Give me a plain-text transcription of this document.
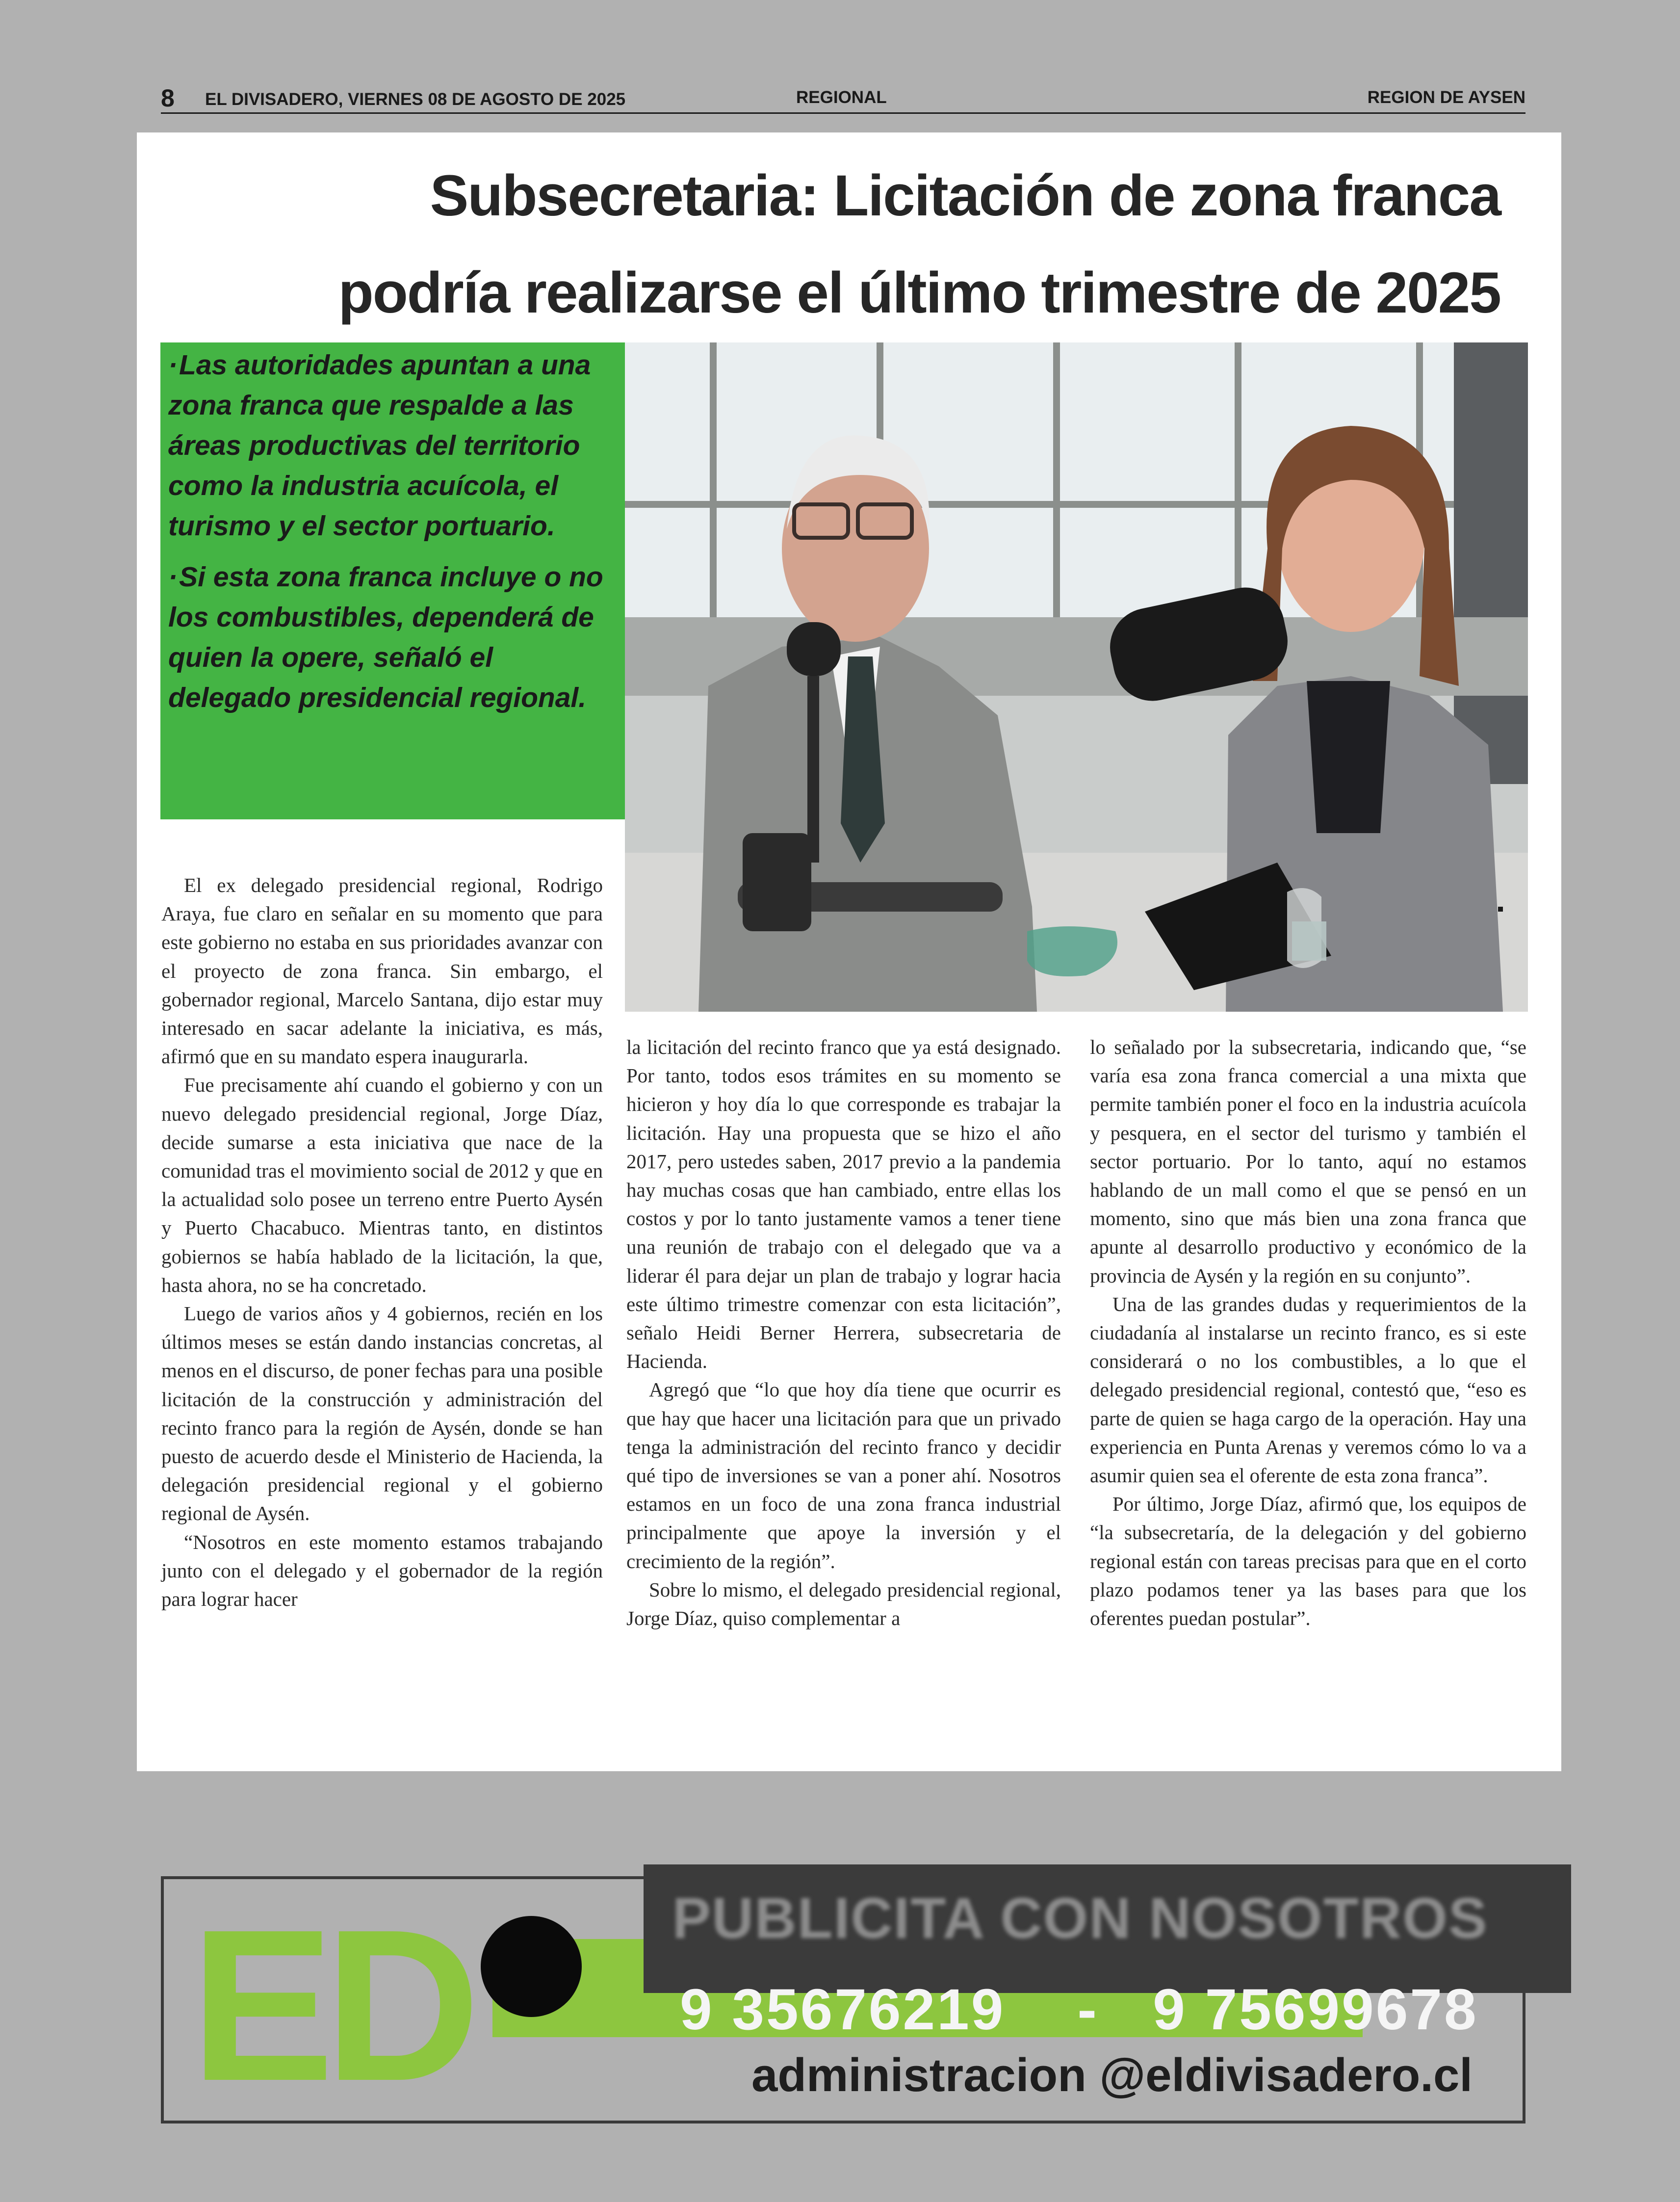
8 EL DIVISADERO, VIERNES 08 DE AGOSTO DE 2025	REGIONAL	REGION DE AYSEN
Subsecretaria: Licitación de zona franca
podría realizarse el último trimestre de 2025

·Las autoridades apuntan a una zona franca que respalde a las áreas productivas del territorio como la industria acuícola, el turismo y el sector portuario.

·Si esta zona franca incluye o no los combustibles, dependerá de quien la opere, señaló el delegado presidencial regional.

El ex delegado presidencial regional, Rodrigo Araya, fue claro en señalar en su momento que para este gobierno no estaba en sus prioridades avanzar con el proyecto de zona franca. Sin embargo, el gobernador regional, Marcelo Santana, dijo estar muy interesado en sacar adelante la iniciativa, es más, afirmó que en su mandato espera inaugurarla.

Fue precisamente ahí cuando el gobierno y con un nuevo delegado presidencial regional, Jorge Díaz, decide sumarse a esta iniciativa que nace de la comunidad tras el movimiento social de 2012 y que en la actualidad solo posee un terreno entre Puerto Aysén y Puerto Chacabuco. Mientras tanto, en distintos gobiernos se había hablado de la licitación, la que, hasta ahora, no se ha concretado.

Luego de varios años y 4 gobiernos, recién en los últimos meses se están dando instancias concretas, al menos en el discurso, de poner fechas para una posible licitación de la construcción y administración del recinto franco para la región de Aysén, donde se han puesto de acuerdo desde el Ministerio de Hacienda, la delegación presidencial regional y el gobierno regional de Aysén.

“Nosotros en este momento estamos trabajando junto con el delegado y el gobernador de la región para lograr hacer

la licitación del recinto franco que ya está designado. Por tanto, todos esos trámites en su momento se hicieron y hoy día lo que corresponde es trabajar la licitación. Hay una propuesta que se hizo el año 2017, pero ustedes saben, 2017 previo a la pandemia hay muchas cosas que han cambiado, entre ellas los costos y por lo tanto justamente vamos a tener tiene una reunión de trabajo con el delegado que va a liderar él para dejar un plan de trabajo y lograr hacia este último trimestre comenzar con esta licitación”, señalo Heidi Berner Herrera, subsecretaria de Hacienda.

Agregó que “lo que hoy día tiene que ocurrir es que hay que hacer una licitación para que un privado tenga la administración del recinto franco y decidir qué tipo de inversiones se van a poner ahí. Nosotros estamos en un foco de una zona franca industrial principalmente que apoye la inversión y el crecimiento de la región”.

Sobre lo mismo, el delegado presidencial regional, Jorge Díaz, quiso complementar a

lo señalado por la subsecretaria, indicando que, “se varía esa zona franca comercial a una mixta que permite también poner el foco en la industria acuícola y pesquera, en el sector del turismo y también el sector portuario. Por lo tanto, aquí no estamos hablando de un mall como el que se pensó en un momento, sino que más bien una zona franca que apunte al desarrollo productivo y económico de la provincia de Aysén y la región en su conjunto”.

Una de las grandes dudas y requerimientos de la ciudadanía al instalarse un recinto franco, es si este considerará o no los combustibles, a lo que el delegado presidencial regional, contestó que, “eso es parte de quien se haga cargo de la operación. Hay una experiencia en Punta Arenas y veremos cómo lo va a asumir quien sea el oferente de esta zona franca”.

Por último, Jorge Díaz, afirmó que, los equipos de “la subsecretaría, de la delegación y del gobierno regional están con tareas precisas para que en el corto plazo podamos tener ya las bases para que los oferentes puedan postular”.

ED	PUBLICITA CON NOSOTROS
9 35676219    -   9 75699678
administracion @eldivisadero.cl
